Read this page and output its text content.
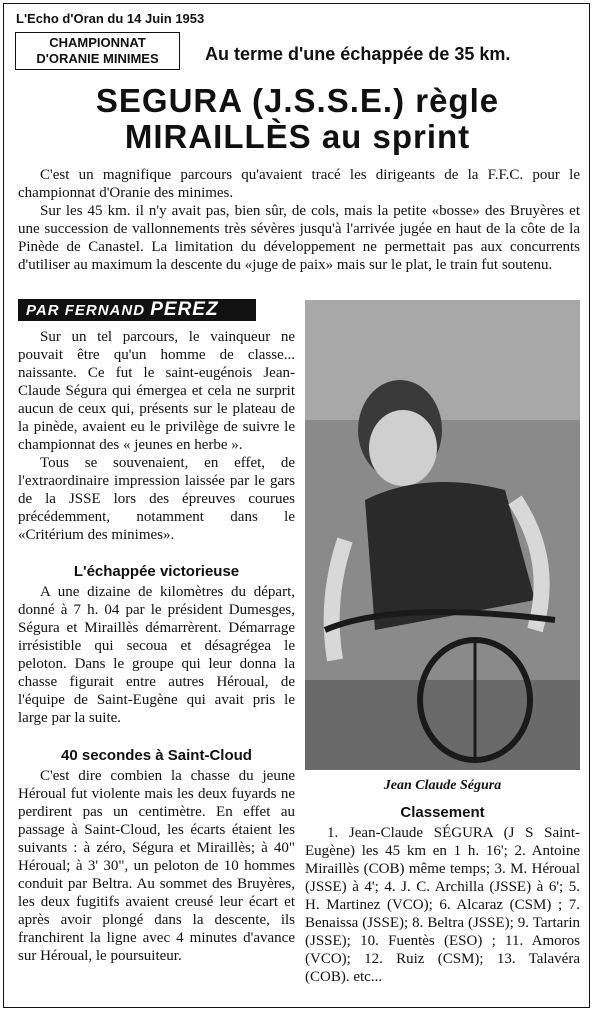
L'Echo d'Oran du 14 Juin 1953
CHAMPIONNAT
D'ORANIE MINIMES	Au terme d'une échappée de 35 km.
SEGURA (J.S.S.E.) règle
MIRAILLÈS au sprint

C'est un magnifique parcours qu'avaient tracé les dirigeants de la F.F.C. pour le championnat d'Oranie des minimes.

Sur les 45 km. il n'y avait pas, bien sûr, de cols, mais la petite «bosse» des Bruyères et une succession de vallonnements très sévères jusqu'à l'arrivée jugée en haut de la côte de la Pinède de Canastel. La limitation du développement ne permettait pas aux concurrents d'utiliser au maximum la descente du «juge de paix» mais sur le plat, le train fut soutenu.

PAR FERNAND PEREZ

Sur un tel parcours, le vainqueur ne pouvait être qu'un homme de classe... naissante. Ce fut le saint-eugénois Jean-Claude Ségura qui émergea et cela ne surprit aucun de ceux qui, présents sur le plateau de la pinède, avaient eu le privilège de suivre le championnat des « jeunes en herbe ».

Tous se souvenaient, en effet, de l'extraordinaire impression laissée par le gars de la JSSE lors des épreuves courues précédemment, notamment dans le «Critérium des minimes».

L'échappée victorieuse

A une dizaine de kilomètres du départ, donné à 7 h. 04 par le président Dumesges, Ségura et Miraillès démarrèrent. Démarrage irrésistible qui secoua et désagrégea le peloton. Dans le groupe qui leur donna la chasse figurait entre autres Héroual, de l'équipe de Saint-Eugène qui avait pris le large par la suite.

40 secondes à Saint-Cloud

C'est dire combien la chasse du jeune Héroual fut violente mais les deux fuyards ne perdirent pas un centimètre. En effet au passage à Saint-Cloud, les écarts étaient les suivants : à zéro, Ségura et Miraillès; à 40" Héroual; à 3' 30", un peloton de 10 hommes conduit par Beltra. Au sommet des Bruyères, les deux fugitifs avaient creusé leur écart et après avoir plongé dans la descente, ils franchirent la ligne avec 4 minutes d'avance sur Héroual, le poursuiteur.

Jean Claude Ségura
Classement

1. Jean-Claude SÉGURA (J S Saint-Eugène) les 45 km en 1 h. 16'; 2. Antoine Miraillès (COB) même temps; 3. M. Héroual (JSSE) à 4'; 4. J. C. Archilla (JSSE) à 6'; 5. H. Martinez (VCO); 6. Alcaraz (CSM) ; 7. Benaissa (JSSE); 8. Beltra (JSSE); 9. Tartarin (JSSE); 10. Fuentès (ESO) ; 11. Amoros (VCO); 12. Ruiz (CSM); 13. Talavéra (COB). etc...
